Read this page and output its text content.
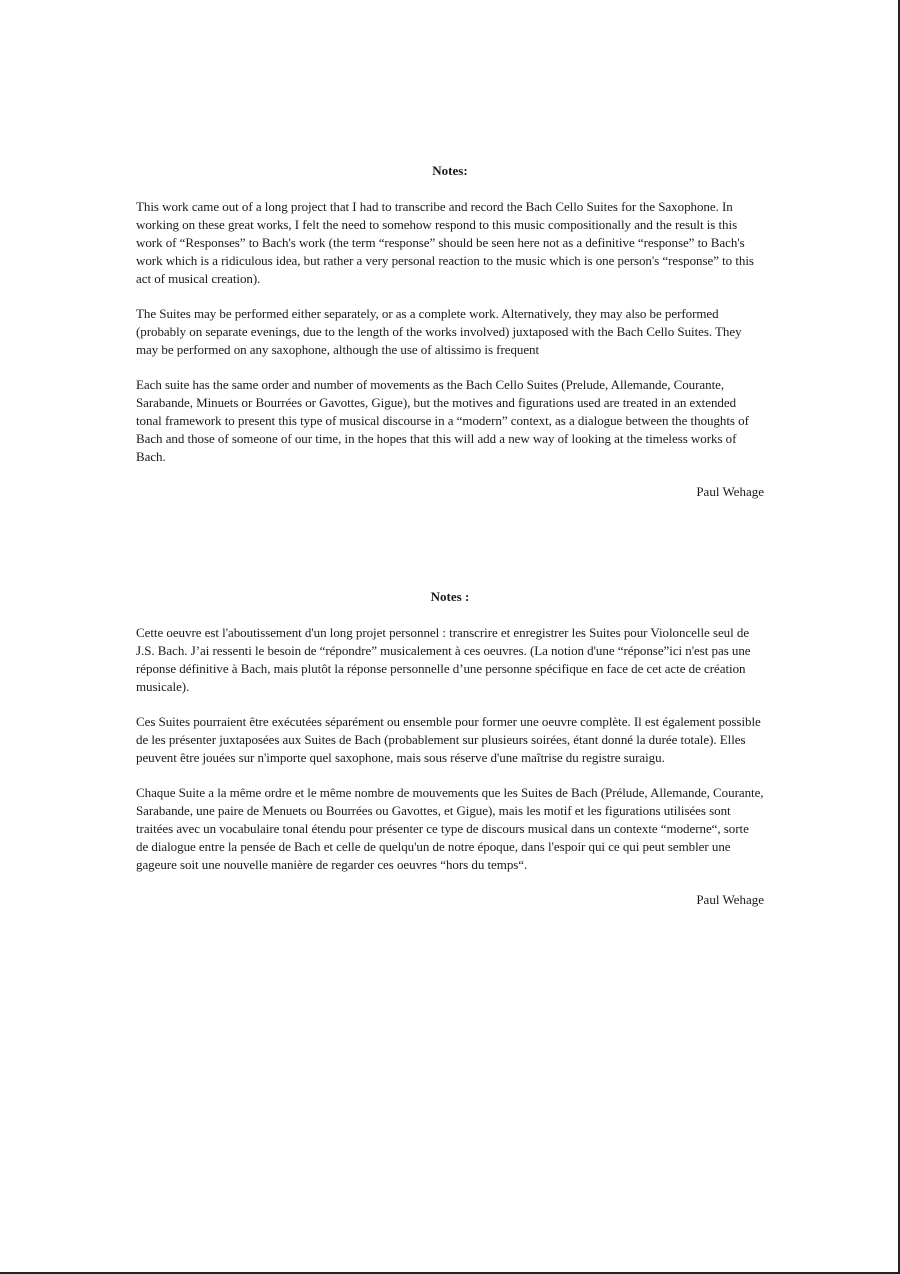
Notes:

This work came out of a long project that I had to transcribe and record the Bach Cello Suites for the Saxophone. In working on these great works, I felt the need to somehow respond to this music compositionally and the result is this work of “Responses” to Bach's work (the term “response” should be seen here not as a definitive “response” to Bach's work which is a ridiculous idea, but rather a very personal reaction to the music which is one person's “response” to this act of musical creation).

The Suites may be performed either separately, or as a complete work. Alternatively, they may also be performed (probably on separate evenings, due to the length of the works involved) juxtaposed with the Bach Cello Suites. They may be performed on any saxophone, although the use of altissimo is frequent

Each suite has the same order and number of movements as the Bach Cello Suites (Prelude, Allemande, Courante, Sarabande, Minuets or Bourrées or Gavottes, Gigue), but the motives and figurations used are treated in an extended tonal framework to present this type of musical discourse in a “modern” context, as a dialogue between the thoughts of Bach and those of someone of our time, in the hopes that this will add a new way of looking at the timeless works of Bach.

Paul Wehage

Notes :

Cette oeuvre est l'aboutissement d'un long projet personnel : transcrire et enregistrer les Suites pour Violoncelle seul de J.S. Bach. J’ai ressenti le besoin de “répondre” musicalement à ces oeuvres. (La notion d'une “réponse”ici n'est pas une réponse définitive à Bach, mais plutôt la réponse personnelle d’une personne spécifique en face de cet acte de création musicale).

Ces Suites pourraient être exécutées séparément ou ensemble pour former une oeuvre complète. Il est également possible de les présenter juxtaposées aux Suites de Bach (probablement sur plusieurs soirées, étant donné la durée totale). Elles peuvent être jouées sur n'importe quel saxophone, mais sous réserve d'une maîtrise du registre suraigu.

Chaque Suite a la même ordre et le même nombre de mouvements que les Suites de Bach (Prélude, Allemande, Courante, Sarabande, une paire de Menuets ou Bourrées ou Gavottes, et Gigue), mais les motif et les figurations utilisées sont traitées avec un vocabulaire tonal étendu pour présenter ce type de discours musical dans un contexte “moderne“, sorte de dialogue entre la pensée de Bach et celle de quelqu'un de notre époque, dans l'espoir qui ce qui peut sembler une gageure soit une nouvelle manière de regarder ces oeuvres “hors du temps“.

Paul Wehage
